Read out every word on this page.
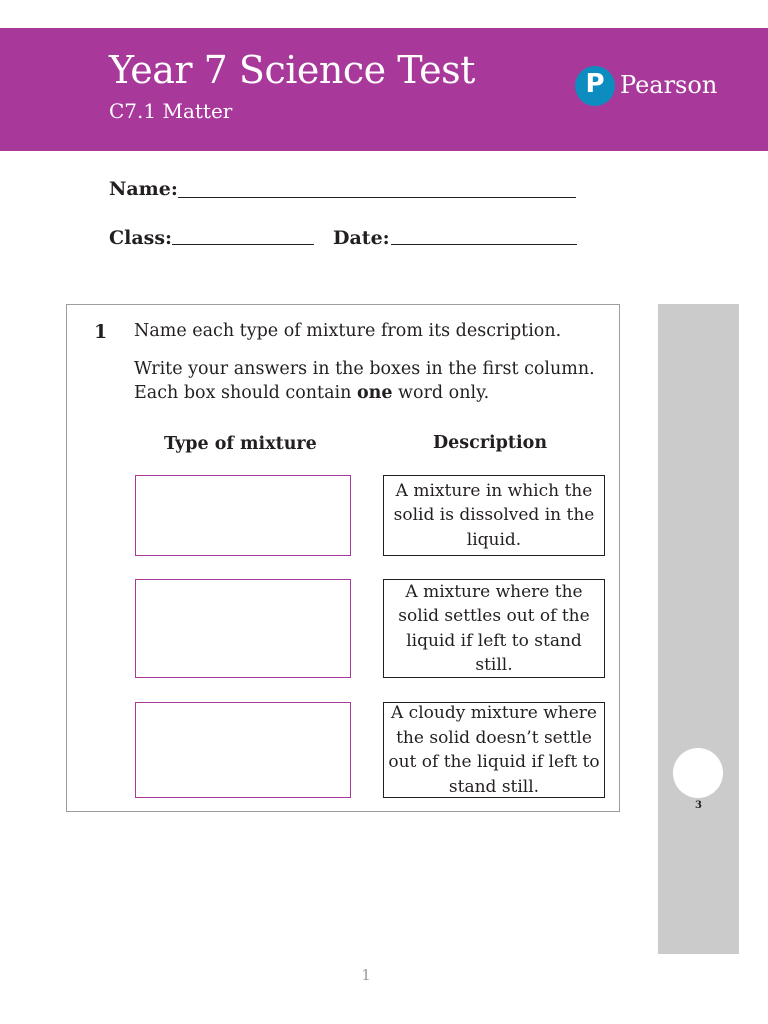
Year 7 Science Test
C7.1 Matter
P
Pearson
Name:
Class:	Date:
1 Name each type of mixture from its description.
Write your answers in the boxes in the first column.
Each box should contain one word only.
Type of mixture	Description
A mixture in which the solid is dissolved in the liquid.
A mixture where the solid settles out of the liquid if left to stand still.
A cloudy mixture where the solid doesn’t settle out of the liquid if left to stand still.
3
1
